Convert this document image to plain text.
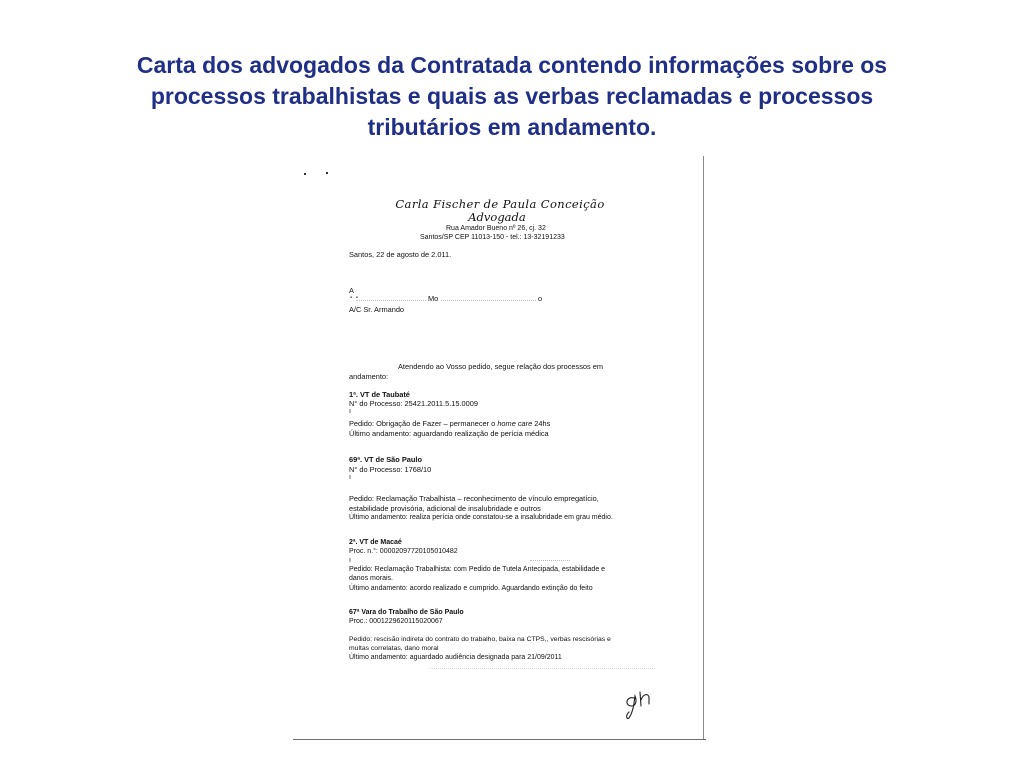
Carta dos advogados da Contratada contendo informações sobre os
processos trabalhistas e quais as verbas reclamadas e processos
tributários em andamento.
Carla Fischer de Paula Conceição
Advogada
Rua Amador Bueno nº 26, cj. 32
Santos/SP CEP 11013-150 - tel.: 13-32191233
Santos, 22 de agosto de 2.011.
A
▪ ▪	Mo	o
A/C Sr. Armando
Atendendo ao Vosso pedido, segue relação dos processos em
andamento:
1ª. VT de Taubaté
N° do Processo: 25421.2011.5.15.0009
ı
Pedido: Obrigação de Fazer – permanecer o home care 24hs
Último andamento: aguardando realização de perícia médica
69ª. VT de São Paulo
N° do Processo: 1768/10
ı
Pedido: Reclamação Trabalhista – reconhecimento de vínculo empregatício,
estabilidade provisória, adicional de insalubridade e outros
Último andamento: realiza perícia onde constatou-se a insalubridade em grau médio.
2ª. VT de Macaé
Proc. n.°: 00002097720105010482
ı
Pedido: Reclamação Trabalhista: com Pedido de Tutela Antecipada, estabilidade e
danos morais.
Último andamento: acordo realizado e cumprido. Aguardando extinção do feito
67ª Vara do Trabalho de São Paulo
Proc.: 0001229620115020067
Pedido: rescisão indireta do contrato do trabalho, baixa na CTPS,, verbas rescisórias e
multas correlatas, dano moral
Último andamento: aguardado audiência designada para 21/09/2011
